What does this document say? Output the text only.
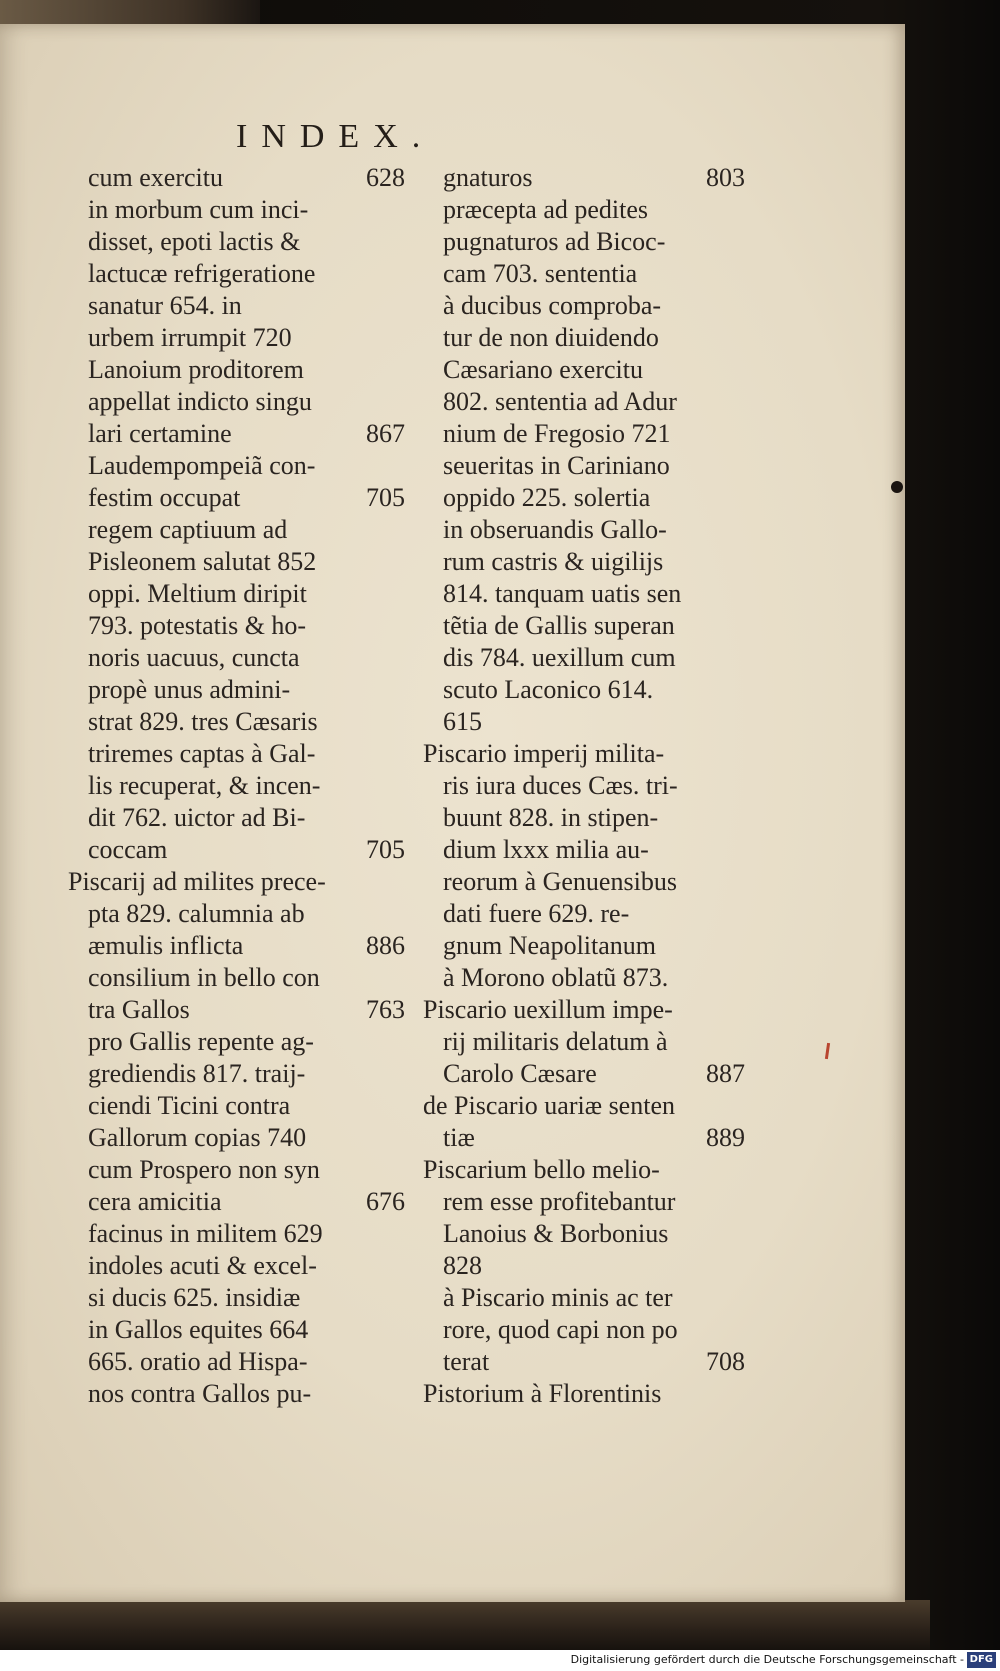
INDEX.
cum exercitu	628
in morbum cum inci-
disset, epoti lactis &
lactucæ refrigeratione
sanatur 654. in
urbem irrumpit 720
Lanoium proditorem
appellat indicto singu
lari certamine	867
Laudempompeiã con-
festim occupat	705
regem captiuum ad
Pisleonem salutat 852
oppi. Meltium diripit
793. potestatis & ho-
noris uacuus, cuncta
propè unus admini-
strat 829. tres Cæsaris
triremes captas à Gal-
lis recuperat, & incen-
dit 762. uictor ad Bi-
coccam	705
Piscarij ad milites prece-
pta 829. calumnia ab
æmulis inflicta	886
consilium in bello con
tra Gallos	763
pro Gallis repente ag-
grediendis 817. traij-
ciendi Ticini contra
Gallorum copias 740
cum Prospero non syn
cera amicitia	676
facinus in militem 629
indoles acuti & excel-
si ducis 625. insidiæ
in Gallos equites 664
665. oratio ad Hispa-
nos contra Gallos pu-
gnaturos	803
præcepta ad pedites
pugnaturos ad Bicoc-
cam 703. sententia
à ducibus comproba-
tur de non diuidendo
Cæsariano exercitu
802. sententia ad Adur
nium de Fregosio 721
seueritas in Cariniano
oppido 225. solertia
in obseruandis Gallo-
rum castris & uigilijs
814. tanquam uatis sen
tẽtia de Gallis superan
dis 784. uexillum cum
scuto Laconico 614.
615
Piscario imperij milita-
ris iura duces Cæs. tri-
buunt 828. in stipen-
dium lxxx milia au-
reorum à Genuensibus
dati fuere 629. re-
gnum Neapolitanum
à Morono oblatũ 873.
Piscario uexillum impe-
rij militaris delatum à
Carolo Cæsare	887
de Piscario uariæ senten
tiæ	889
Piscarium bello melio-
rem esse profitebantur
Lanoius & Borbonius
828
à Piscario minis ac ter
rore, quod capi non po
terat	708
Pistorium à Florentinis
Digitalisierung gefördert durch die Deutsche Forschungsgemeinschaft - DFG
